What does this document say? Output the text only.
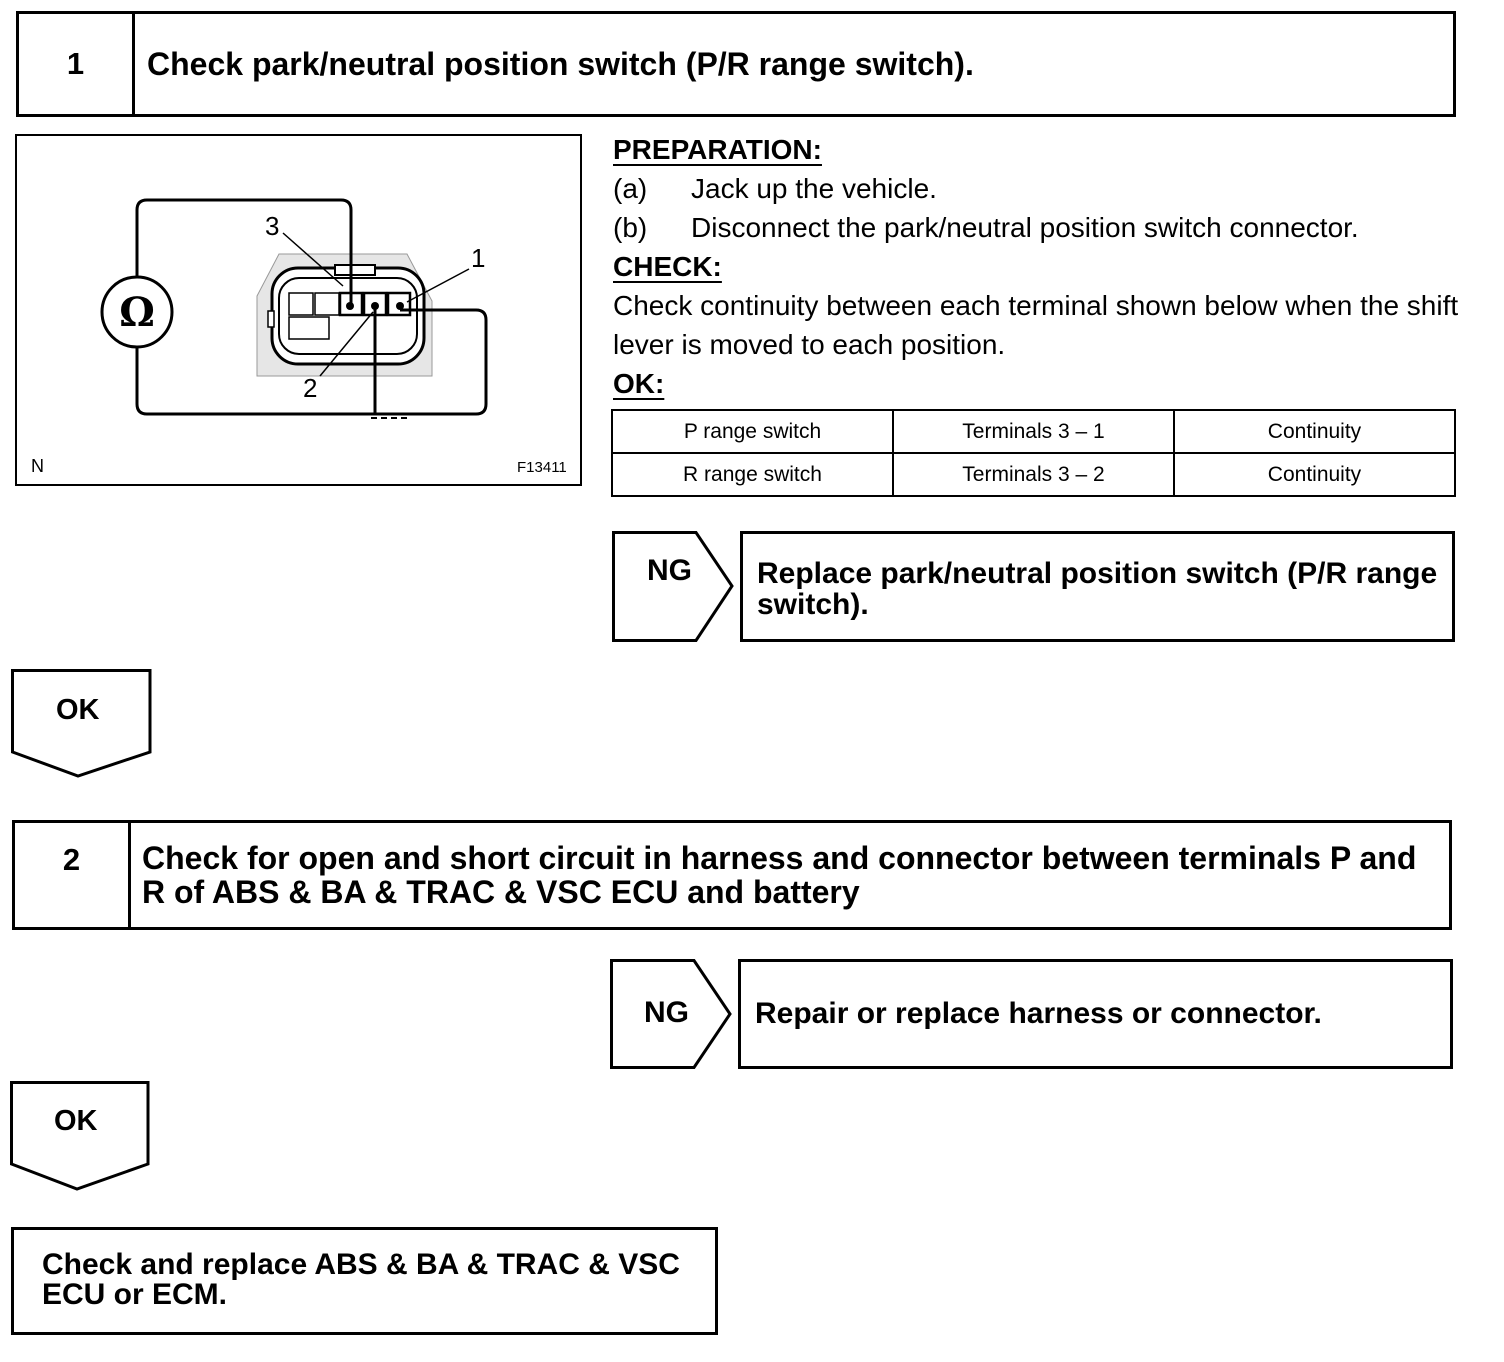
1	Check park/neutral position switch (P/R range switch).
Ω
3
1
2
N	F13411
PREPARATION:
(a) Jack up the vehicle.
(b) Disconnect the park/neutral position switch connector.
CHECK:
Check continuity between each terminal shown below when the shift lever is moved to each position.
OK:
P range switch	Terminals 3 – 1	Continuity
R range switch	Terminals 3 – 2	Continuity
NG	Replace park/neutral position switch (P/R range switch).
OK
2	Check for open and short circuit in harness and connector between terminals P and R of ABS & BA & TRAC & VSC ECU and battery
NG	Repair or replace harness or connector.
OK
Check and replace ABS & BA & TRAC & VSC ECU or ECM.
